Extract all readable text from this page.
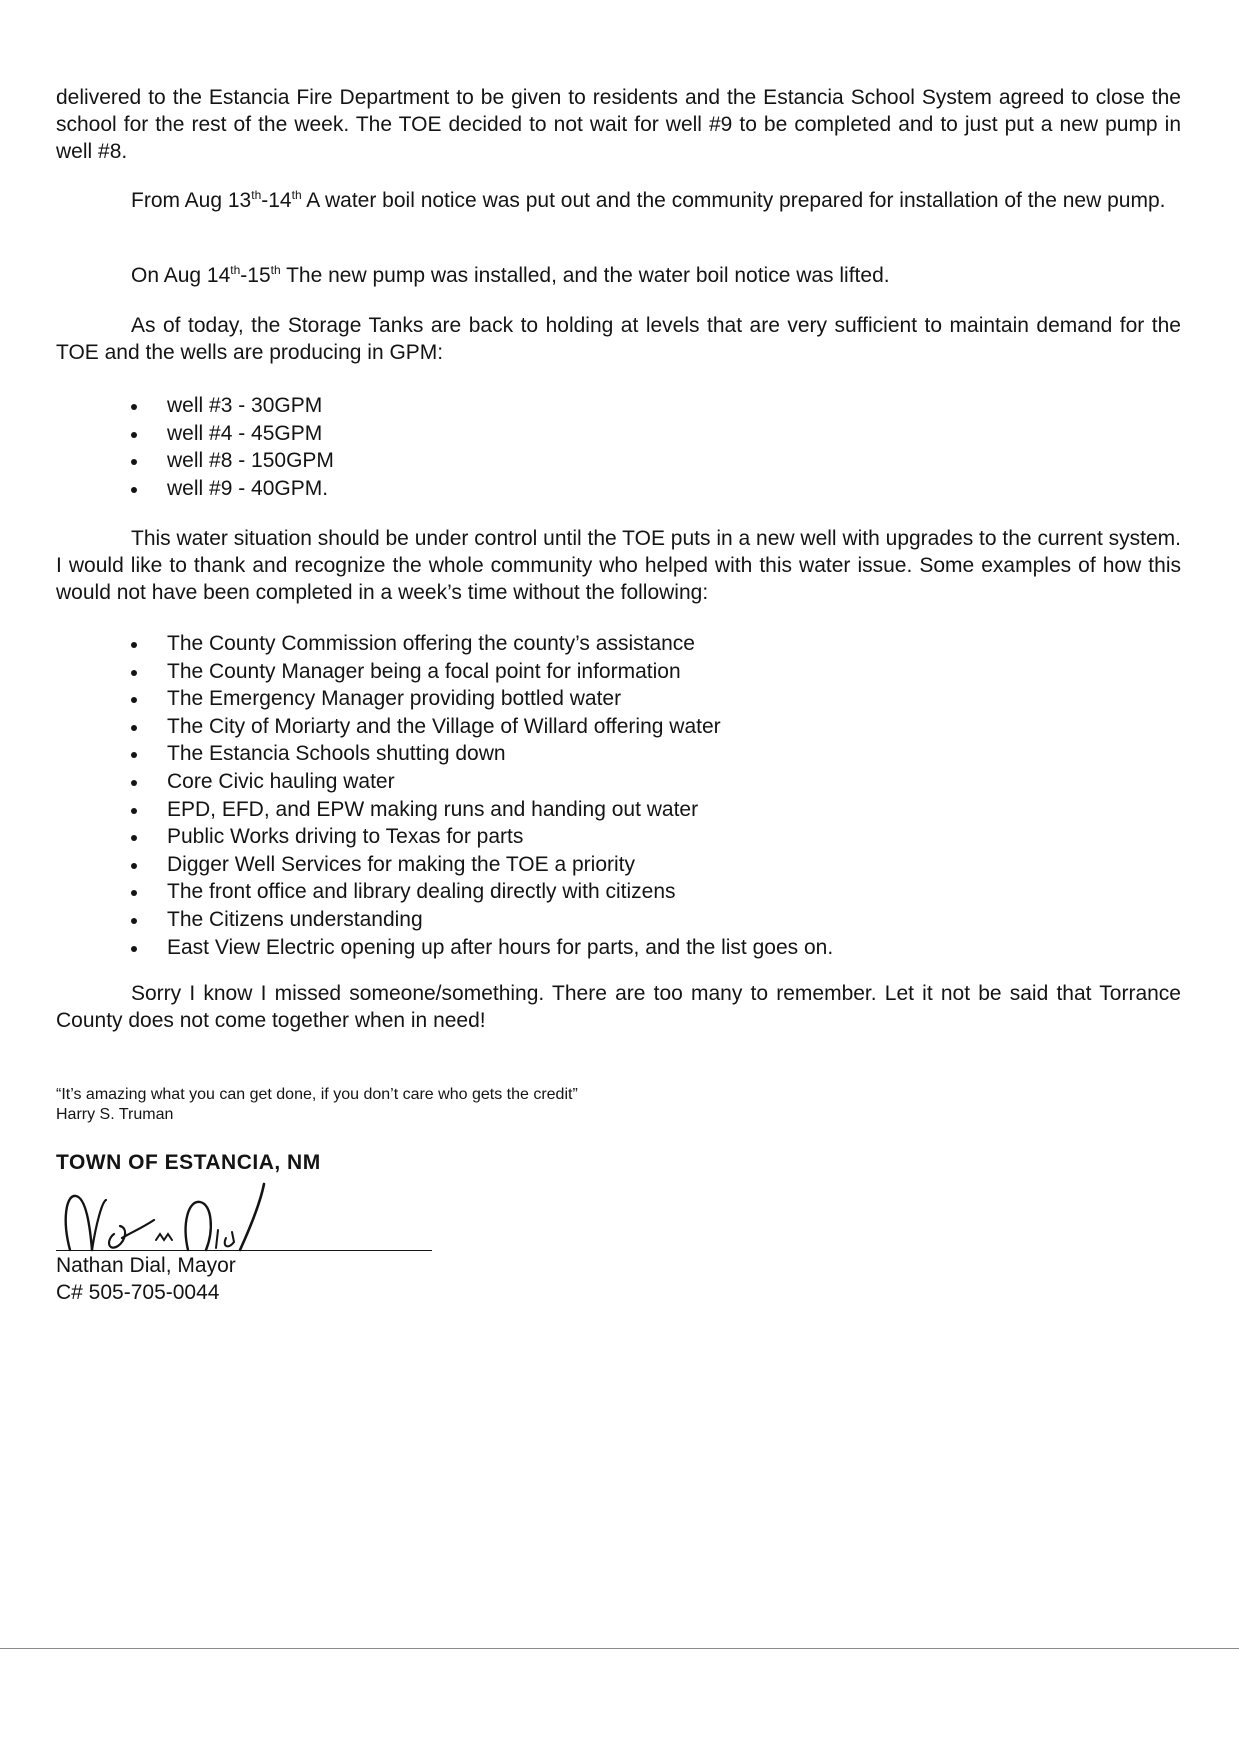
delivered to the Estancia Fire Department to be given to residents and the Estancia School System agreed to close the school for the rest of the week. The TOE decided to not wait for well #9 to be completed and to just put a new pump in well #8.

From Aug 13th-14th A water boil notice was put out and the community prepared for installation of the new pump.

On Aug 14th-15th The new pump was installed, and the water boil notice was lifted.

As of today, the Storage Tanks are back to holding at levels that are very sufficient to maintain demand for the TOE and the wells are producing in GPM:

well #3 - 30GPM
well #4 - 45GPM
well #8 - 150GPM
well #9 - 40GPM.

This water situation should be under control until the TOE puts in a new well with upgrades to the current system. I would like to thank and recognize the whole community who helped with this water issue. Some examples of how this would not have been completed in a week’s time without the following:

The County Commission offering the county’s assistance
The County Manager being a focal point for information
The Emergency Manager providing bottled water
The City of Moriarty and the Village of Willard offering water
The Estancia Schools shutting down
Core Civic hauling water
EPD, EFD, and EPW making runs and handing out water
Public Works driving to Texas for parts
Digger Well Services for making the TOE a priority
The front office and library dealing directly with citizens
The Citizens understanding
East View Electric opening up after hours for parts, and the list goes on.

Sorry I know I missed someone/something. There are too many to remember. Let it not be said that Torrance County does not come together when in need!

“It’s amazing what you can get done, if you don’t care who gets the credit”
Harry S. Truman
TOWN OF ESTANCIA, NM
Nathan Dial, Mayor
C# 505-705-0044
